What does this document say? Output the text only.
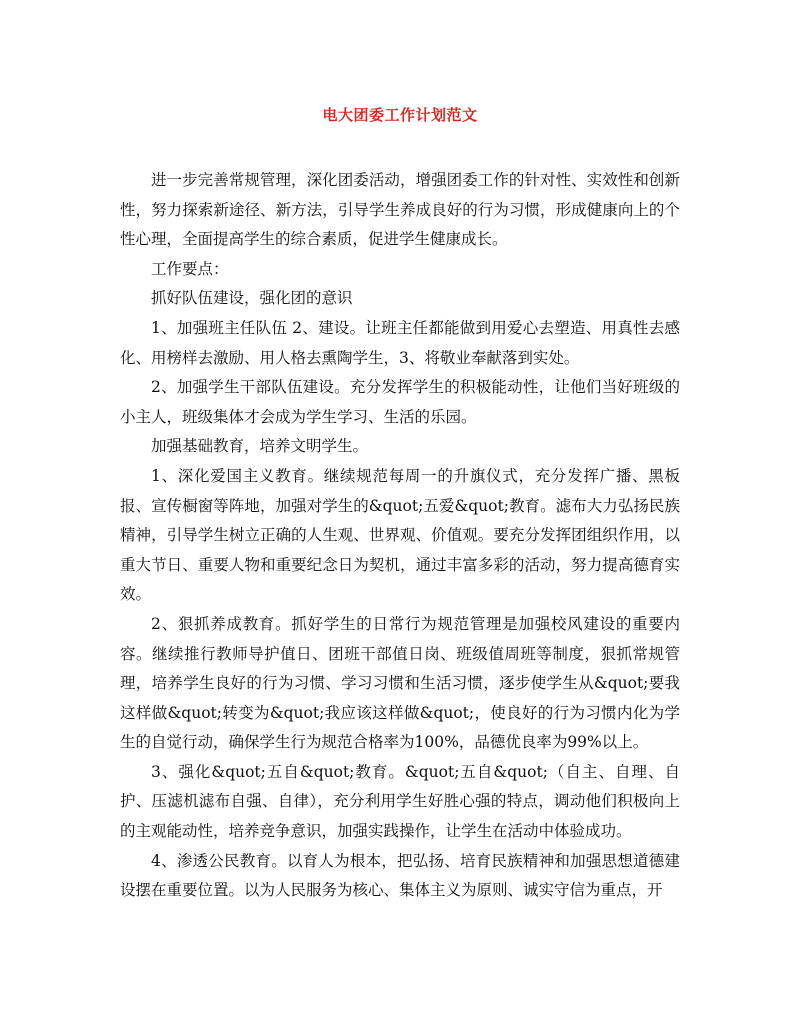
电大团委工作计划范文

进一步完善常规管理，深化团委活动，增强团委工作的针对性、实效性和创新性，努力探索新途径、新方法，引导学生养成良好的行为习惯，形成健康向上的个性心理，全面提高学生的综合素质，促进学生健康成长。

工作要点：

抓好队伍建设，强化团的意识

1、加强班主任队伍 2、建设。让班主任都能做到用爱心去塑造、用真性去感化、用榜样去激励、用人格去熏陶学生，3、将敬业奉献落到实处。

2、加强学生干部队伍建设。充分发挥学生的积极能动性，让他们当好班级的小主人，班级集体才会成为学生学习、生活的乐园。

加强基础教育，培养文明学生。

1、深化爱国主义教育。继续规范每周一的升旗仪式，充分发挥广播、黑板报、宣传橱窗等阵地，加强对学生的&quot;五爱&quot;教育。滤布大力弘扬民族精神，引导学生树立正确的人生观、世界观、价值观。要充分发挥团组织作用，以重大节日、重要人物和重要纪念日为契机，通过丰富多彩的活动，努力提高德育实效。

2、狠抓养成教育。抓好学生的日常行为规范管理是加强校风建设的重要内容。继续推行教师导护值日、团班干部值日岗、班级值周班等制度，狠抓常规管理，培养学生良好的行为习惯、学习习惯和生活习惯，逐步使学生从&quot;要我这样做&quot;转变为&quot;我应该这样做&quot;，使良好的行为习惯内化为学生的自觉行动，确保学生行为规范合格率为100%，品德优良率为99%以上。

3、强化&quot;五自&quot;教育。&quot;五自&quot;（自主、自理、自护、压滤机滤布自强、自律），充分利用学生好胜心强的特点，调动他们积极向上的主观能动性，培养竞争意识，加强实践操作，让学生在活动中体验成功。

4、渗透公民教育。以育人为根本，把弘扬、培育民族精神和加强思想道德建设摆在重要位置。以为人民服务为核心、集体主义为原则、诚实守信为重点，开
